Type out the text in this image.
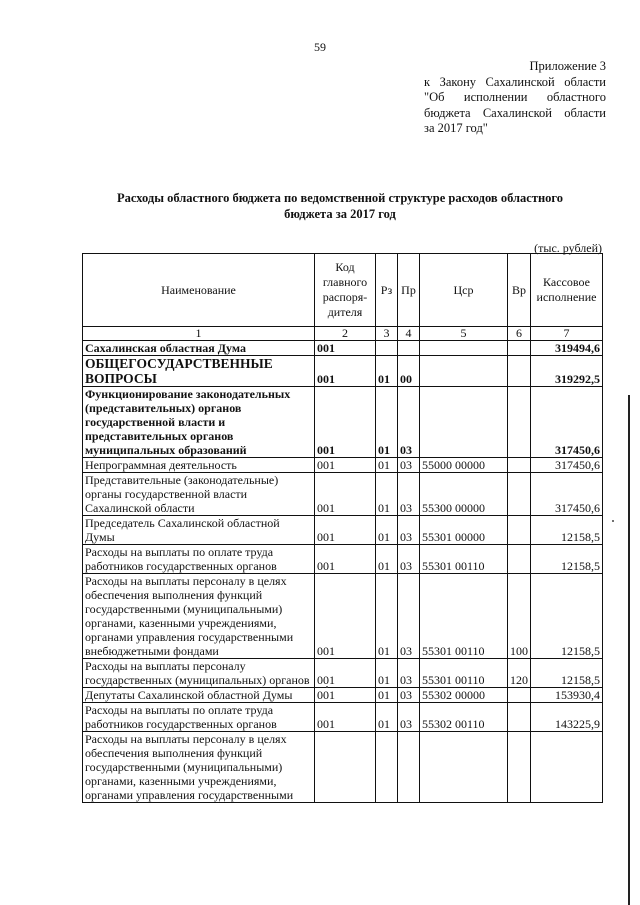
59
Приложение 3
к Закону Сахалинской области
"Об исполнении областного
бюджета Сахалинской области
за 2017 год"
Расходы областного бюджета по ведомственной структуре расходов областного
бюджета за 2017 год
(тыс. рублей)
Наименование	Код главного распоря-дителя	Рз	Пр	Цср	Вр	Кассовое исполнение
1	2	3	4	5	6	7
Сахалинская областная Дума	001					319494,6
ОБЩЕГОСУДАРСТВЕННЫЕ ВОПРОСЫ	001	01	00			319292,5
Функционирование законодательных (представительных) органов государственной власти и представительных органов муниципальных образований	001	01	03			317450,6
Непрограммная деятельность	001	01	03	55000 00000		317450,6
Представительные (законодательные) органы государственной власти Сахалинской области	001	01	03	55300 00000		317450,6
Председатель Сахалинской областной Думы	001	01	03	55301 00000		12158,5
Расходы на выплаты по оплате труда работников государственных органов	001	01	03	55301 00110		12158,5
Расходы на выплаты персоналу в целях обеспечения выполнения функций государственными (муниципальными) органами, казенными учреждениями, органами управления государственными внебюджетными фондами	001	01	03	55301 00110	100	12158,5
Расходы на выплаты персоналу государственных (муниципальных) органов	001	01	03	55301 00110	120	12158,5
Депутаты Сахалинской областной Думы	001	01	03	55302 00000		153930,4
Расходы на выплаты по оплате труда работников государственных органов	001	01	03	55302 00110		143225,9
Расходы на выплаты персоналу в целях обеспечения выполнения функций государственными (муниципальными) органами, казенными учреждениями, органами управления государственными						
